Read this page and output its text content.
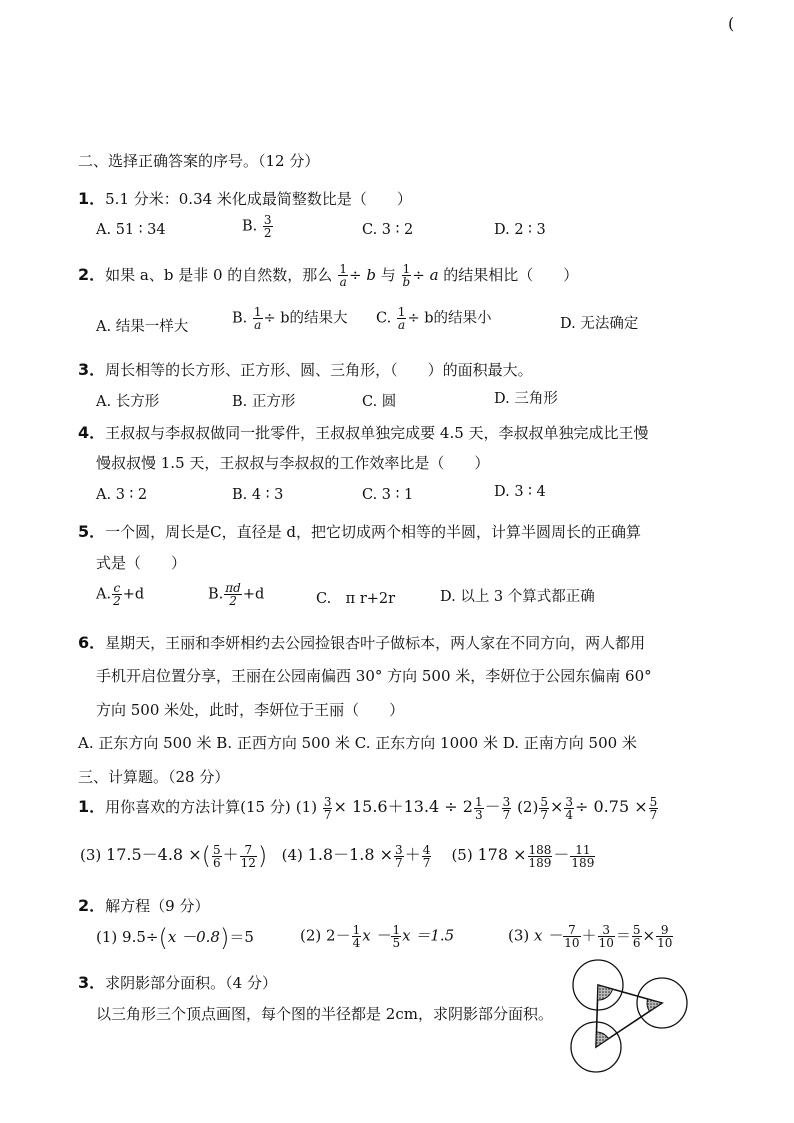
(
二、选择正确答案的序号。（12 分）
1．5.1 分米：0.34 米化成最简整数比是（　　）
A. 51 ∶ 34	B. $\frac{3}{2}$	C. 3 ∶ 2	D. 2 ∶ 3
2．如果 a、b 是非 0 的自然数，那么 $\frac{1}{a} \div b$ 与 $\frac{1}{b} \div a$ 的结果相比（　　）
A. 结果一样大
B. $\frac{1}{a} \div b$的结果大 C. $\frac{1}{a} \div b$的结果小	D. 无法确定
3．周长相等的长方形、正方形、圆、三角形，（　　）的面积最大。
A. 长方形	B. 正方形	C. 圆	D. 三角形
4．王叔叔与李叔叔做同一批零件，王叔叔单独完成要 4.5 天，李叔叔单独完成比王慢
慢叔叔慢 1.5 天，王叔叔与李叔叔的工作效率比是（　　）
A. 3 ∶ 2	B. 4 ∶ 3	C. 3 ∶ 1	D. 3 ∶ 4
5．一个圆，周长是C，直径是 d，把它切成两个相等的半圆，计算半圆周长的正确算
式是（　　）
A. $\frac{c}{2} +d$	B. $\frac{\pi d}{2} +d$	C.　π r+2r	D. 以上 3 个算式都正确
6．星期天，王丽和李妍相约去公园捡银杏叶子做标本，两人家在不同方向，两人都用
手机开启位置分享，王丽在公园南偏西 30° 方向 500 米，李妍位于公园东偏南 60°
方向 500 米处，此时，李妍位于王丽（　　）
A. 正东方向 500 米 B. 正西方向 500 米 C. 正东方向 1000 米 D. 正南方向 500 米
三、计算题。（28 分）
1．用你喜欢的方法计算(15 分) $(1) \frac{3}{7} \times 15.6+13.4 \div 2 \frac{1}{3} - \frac{3}{7} (2) \frac{5}{7} \times \frac{3}{4} \div 0.75 \times \frac{5}{7}$
(3) 17.5－4.8 ×( $\frac{5}{6} + \frac{7}{12}$ ) (4) $1.8-1.8 \times \frac{3}{7} + \frac{4}{7} (5) 178 \times \frac{188}{189} - \frac{11}{189}$
2．解方程（9 分）
(1) 9.5÷(x －0.8)＝5	(2) $2- \frac{1}{4}$ $x - \frac{1}{5}$ x ＝1.5	(3) $x - \frac{7}{10} + \frac{3}{10} = \frac{5}{6} \times \frac{9}{10}$
3．求阴影部分面积。（4 分）
以三角形三个顶点画图，每个图的半径都是 2cm，求阴影部分面积。
